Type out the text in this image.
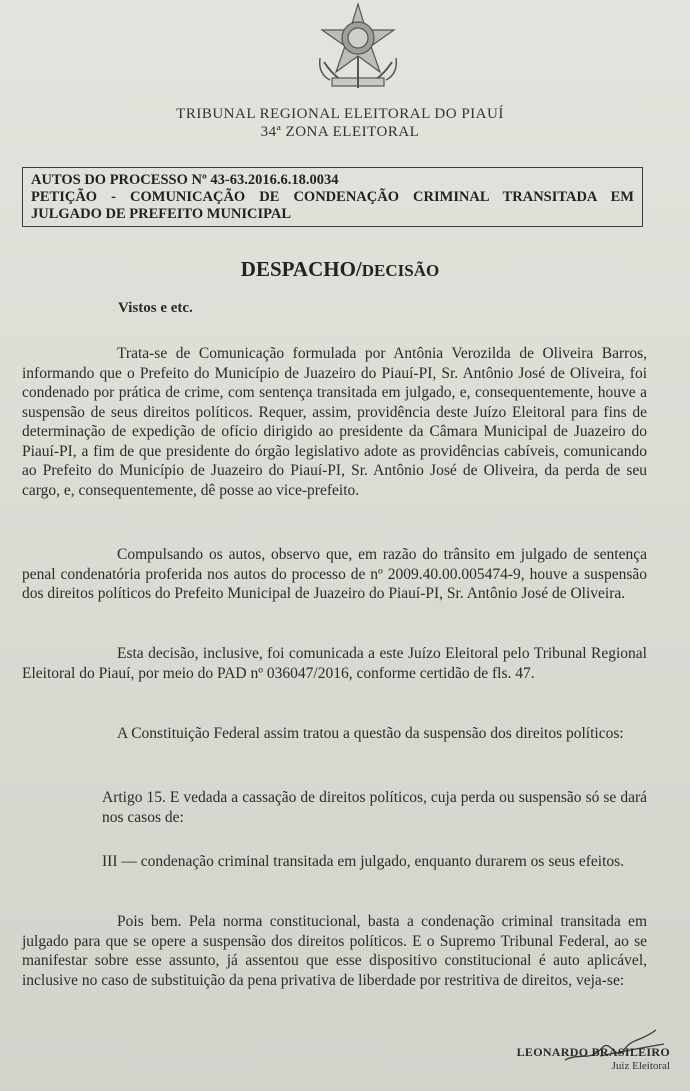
TRIBUNAL REGIONAL ELEITORAL DO PIAUÍ
34ª ZONA ELEITORAL
AUTOS DO PROCESSO Nº 43-63.2016.6.18.0034
PETIÇÃO - COMUNICAÇÃO DE CONDENAÇÃO CRIMINAL TRANSITADA EM JULGADO DE PREFEITO MUNICIPAL
DESPACHO/DECISÃO
Vistos e etc.
Trata-se de Comunicação formulada por Antônia Verozilda de Oliveira Barros, informando que o Prefeito do Município de Juazeiro do Piauí-PI, Sr. Antônio José de Oliveira, foi condenado por prática de crime, com sentença transitada em julgado, e, consequentemente, houve a suspensão de seus direitos políticos. Requer, assim, providência deste Juízo Eleitoral para fins de determinação de expedição de ofício dirigido ao presidente da Câmara Municipal de Juazeiro do Piauí-PI, a fim de que presidente do órgão legislativo adote as providências cabíveis, comunicando ao Prefeito do Município de Juazeiro do Piauí-PI, Sr. Antônio José de Oliveira, da perda de seu cargo, e, consequentemente, dê posse ao vice-prefeito.
Compulsando os autos, observo que, em razão do trânsito em julgado de sentença penal condenatória proferida nos autos do processo de nº 2009.40.00.005474-9, houve a suspensão dos direitos políticos do Prefeito Municipal de Juazeiro do Piauí-PI, Sr. Antônio José de Oliveira.
Esta decisão, inclusive, foi comunicada a este Juízo Eleitoral pelo Tribunal Regional Eleitoral do Piauí, por meio do PAD nº 036047/2016, conforme certidão de fls. 47.
A Constituição Federal assim tratou a questão da suspensão dos direitos políticos:
Artigo 15. E vedada a cassação de direitos políticos, cuja perda ou suspensão só se dará nos casos de:
III — condenação criminal transitada em julgado, enquanto durarem os seus efeitos.
Pois bem. Pela norma constitucional, basta a condenação criminal transitada em julgado para que se opere a suspensão dos direitos políticos. E o Supremo Tribunal Federal, ao se manifestar sobre esse assunto, já assentou que esse dispositivo constitucional é auto aplicável, inclusive no caso de substituição da pena privativa de liberdade por restritiva de direitos, veja-se:
LEONARDO BRASILEIRO
Juiz Eleitoral
